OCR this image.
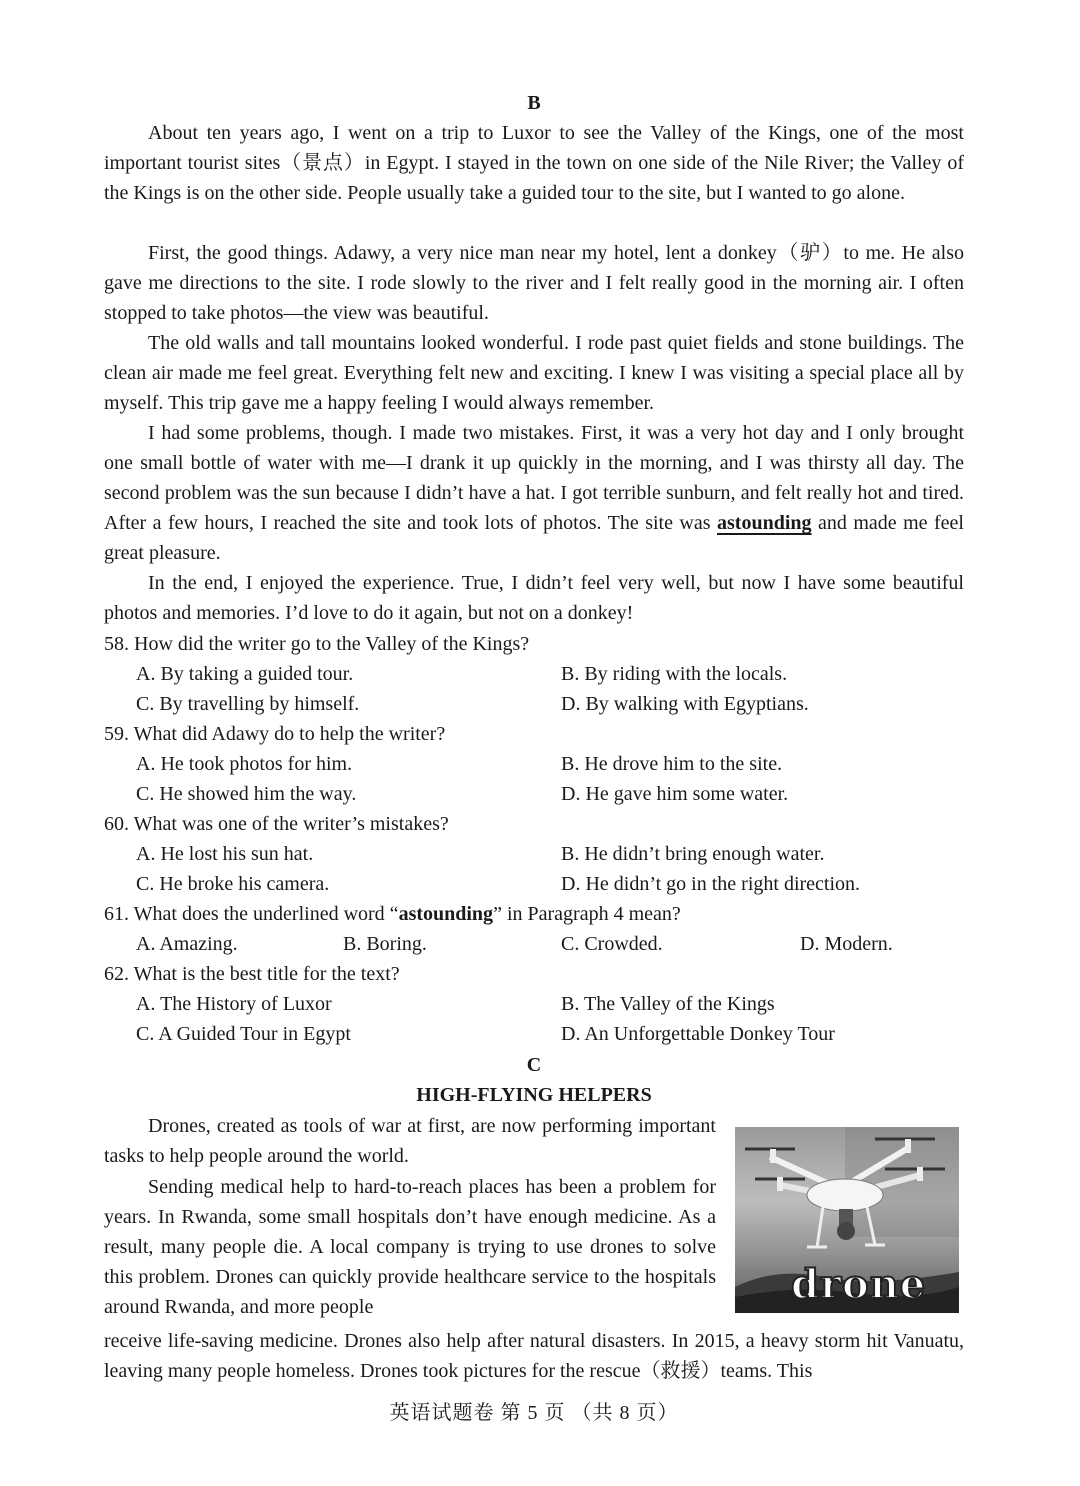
B

About ten years ago, I went on a trip to Luxor to see the Valley of the Kings, one of the most important tourist sites（景点）in Egypt. I stayed in the town on one side of the Nile River; the Valley of the Kings is on the other side. People usually take a guided tour to the site, but I wanted to go alone.

First, the good things. Adawy, a very nice man near my hotel, lent a donkey（驴）to me. He also gave me directions to the site. I rode slowly to the river and I felt really good in the morning air. I often stopped to take photos—the view was beautiful.

The old walls and tall mountains looked wonderful. I rode past quiet fields and stone buildings. The clean air made me feel great. Everything felt new and exciting. I knew I was visiting a special place all by myself. This trip gave me a happy feeling I would always remember.

I had some problems, though. I made two mistakes. First, it was a very hot day and I only brought one small bottle of water with me—I drank it up quickly in the morning, and I was thirsty all day. The second problem was the sun because I didn’t have a hat. I got terrible sunburn, and felt really hot and tired. After a few hours, I reached the site and took lots of photos. The site was astounding and made me feel great pleasure.

In the end, I enjoyed the experience. True, I didn’t feel very well, but now I have some beautiful photos and memories. I’d love to do it again, but not on a donkey!

58. How did the writer go to the Valley of the Kings?
A. By taking a guided tour.	B. By riding with the locals.
C. By travelling by himself.	D. By walking with Egyptians.
59. What did Adawy do to help the writer?
A. He took photos for him.	B. He drove him to the site.
C. He showed him the way.	D. He gave him some water.
60. What was one of the writer’s mistakes?
A. He lost his sun hat.	B. He didn’t bring enough water.
C. He broke his camera.	D. He didn’t go in the right direction.
61. What does the underlined word “astounding” in Paragraph 4 mean?
A. Amazing.	B. Boring.	C. Crowded.	D. Modern.
62. What is the best title for the text?
A. The History of Luxor	B. The Valley of the Kings
C. A Guided Tour in Egypt	D. An Unforgettable Donkey Tour
C
HIGH-FLYING HELPERS

Drones, created as tools of war at first, are now performing important tasks to help people around the world.

Sending medical help to hard-to-reach places has been a problem for years. In Rwanda, some small hospitals don’t have enough medicine. As a result, many people die. A local company is trying to use drones to solve this problem. Drones can quickly provide healthcare service to the hospitals around Rwanda, and more people

receive life-saving medicine. Drones also help after natural disasters. In 2015, a heavy storm hit Vanuatu, leaving many people homeless. Drones took pictures for the rescue（救援）teams. This

drone
英语试题卷 第 5 页 （共 8 页）
